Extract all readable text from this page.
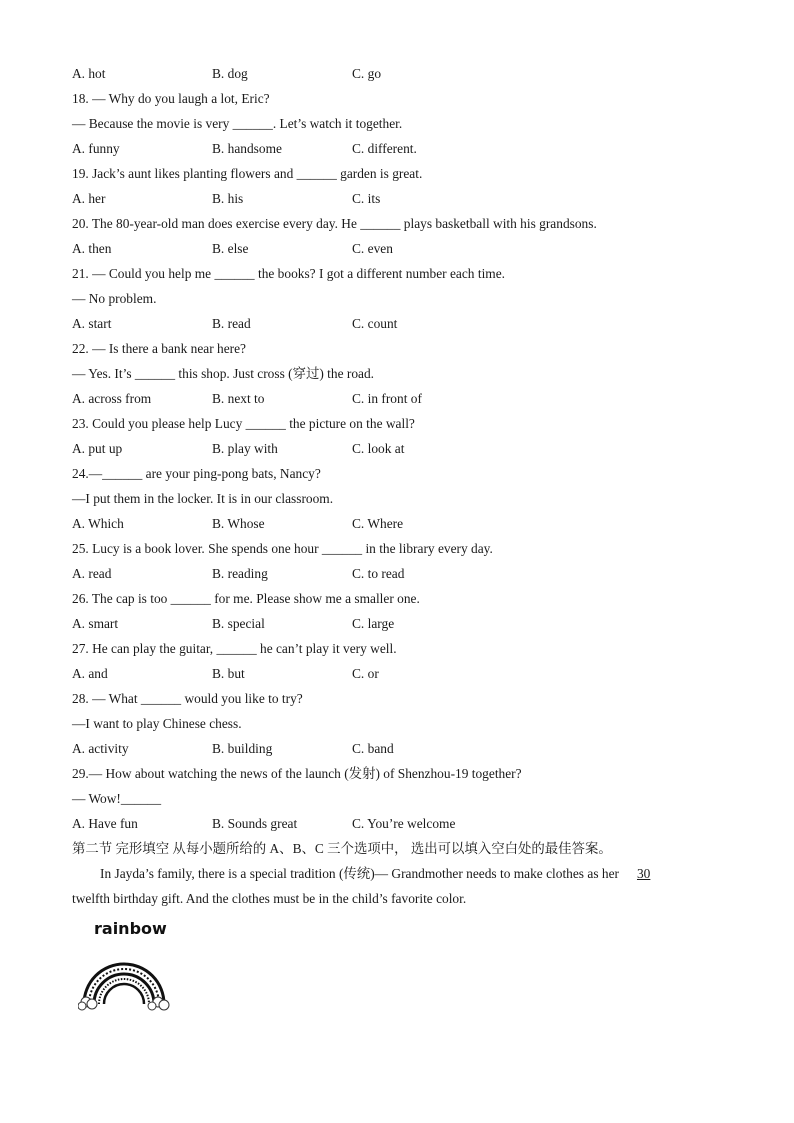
A. hot	B. dog	C. go
18. — Why do you laugh a lot, Eric?
— Because the movie is very ______. Let’s watch it together.
A. funny	B. handsome	C. different.
19. Jack’s aunt likes planting flowers and ______ garden is great.
A. her	B. his	C. its
20. The 80-year-old man does exercise every day. He ______ plays basketball with his grandsons.
A. then	B. else	C. even
21. — Could you help me ______ the books? I got a different number each time.
— No problem.
A. start	B. read	C. count
22. — Is there a bank near here?
— Yes. It’s ______ this shop. Just cross (穿过) the road.
A. across from	B. next to	C. in front of
23. Could you please help Lucy ______ the picture on the wall?
A. put up	B. play with	C. look at
24.—______ are your ping-pong bats, Nancy?
—I put them in the locker. It is in our classroom.
A. Which	B. Whose	C. Where
25. Lucy is a book lover. She spends one hour ______ in the library every day.
A. read	B. reading	C. to read
26. The cap is too ______ for me. Please show me a smaller one.
A. smart	B. special	C. large
27. He can play the guitar, ______ he can’t play it very well.
A. and	B. but	C. or
28. — What ______ would you like to try?
—I want to play Chinese chess.
A. activity	B. building	C. band
29.— How about watching the news of the launch (发射) of Shenzhou-19 together?
— Wow!______
A. Have fun	B. Sounds great	C. You’re welcome
第二节 完形填空 从每小题所给的 A、B、C 三个选项中， 选出可以填入空白处的最佳答案。
In Jayda’s family, there is a special tradition (传统)— Grandmother needs to make clothes as her 30
twelfth birthday gift. And the clothes must be in the child’s favorite color.
rainbow
